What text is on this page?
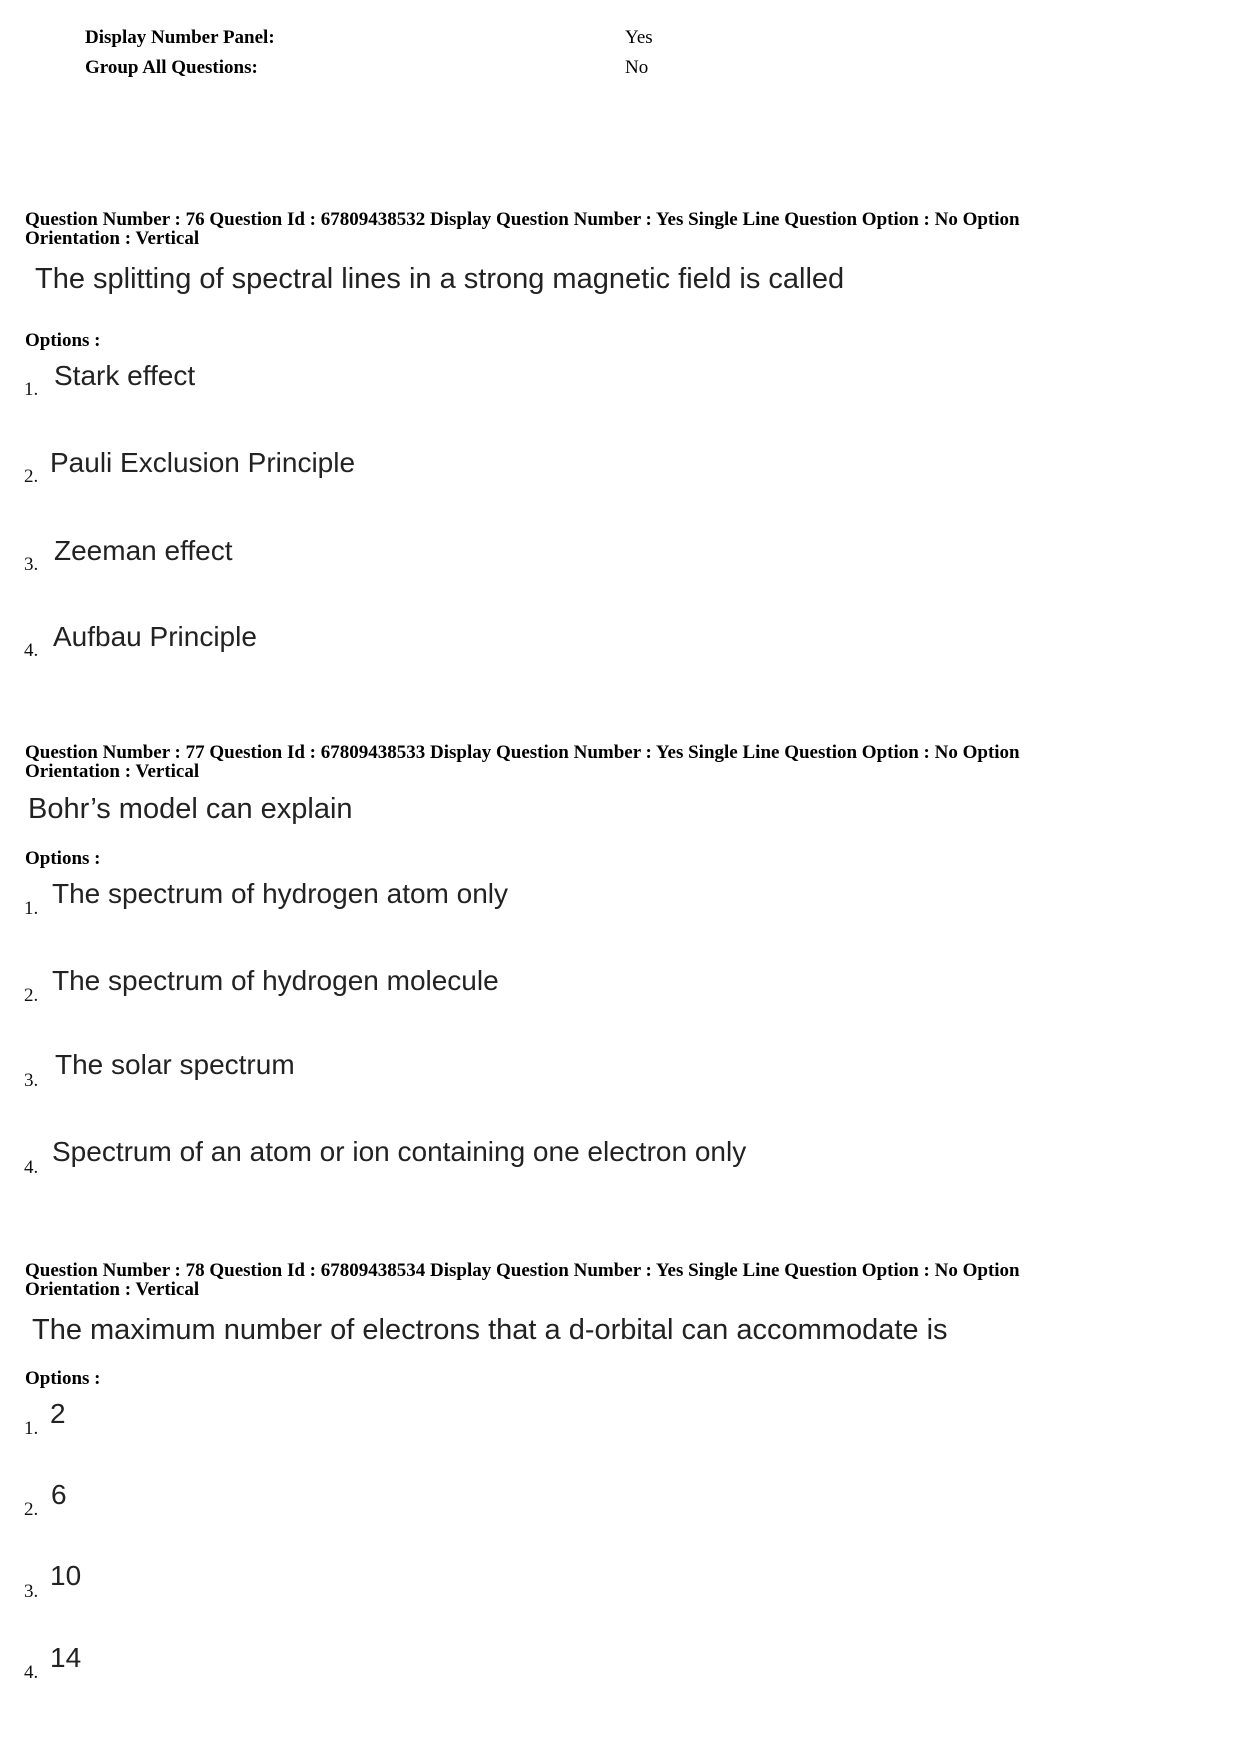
Display Number Panel:	Yes
Group All Questions:	No
Question Number : 76 Question Id : 67809438532 Display Question Number : Yes Single Line Question Option : No Option
Orientation : Vertical
The splitting of spectral lines in a strong magnetic field is called
Options :
1. Stark effect
2. Pauli Exclusion Principle
3. Zeeman effect
4. Aufbau Principle
Question Number : 77 Question Id : 67809438533 Display Question Number : Yes Single Line Question Option : No Option
Orientation : Vertical
Bohr’s model can explain
Options :
1. The spectrum of hydrogen atom only
2. The spectrum of hydrogen molecule
3.
The solar spectrum
4.
Spectrum of an atom or ion containing one electron only
Question Number : 78 Question Id : 67809438534 Display Question Number : Yes Single Line Question Option : No Option
Orientation : Vertical
The maximum number of electrons that a d-orbital can accommodate is
Options :
1. 2
2. 6
3.
10
4. 14
